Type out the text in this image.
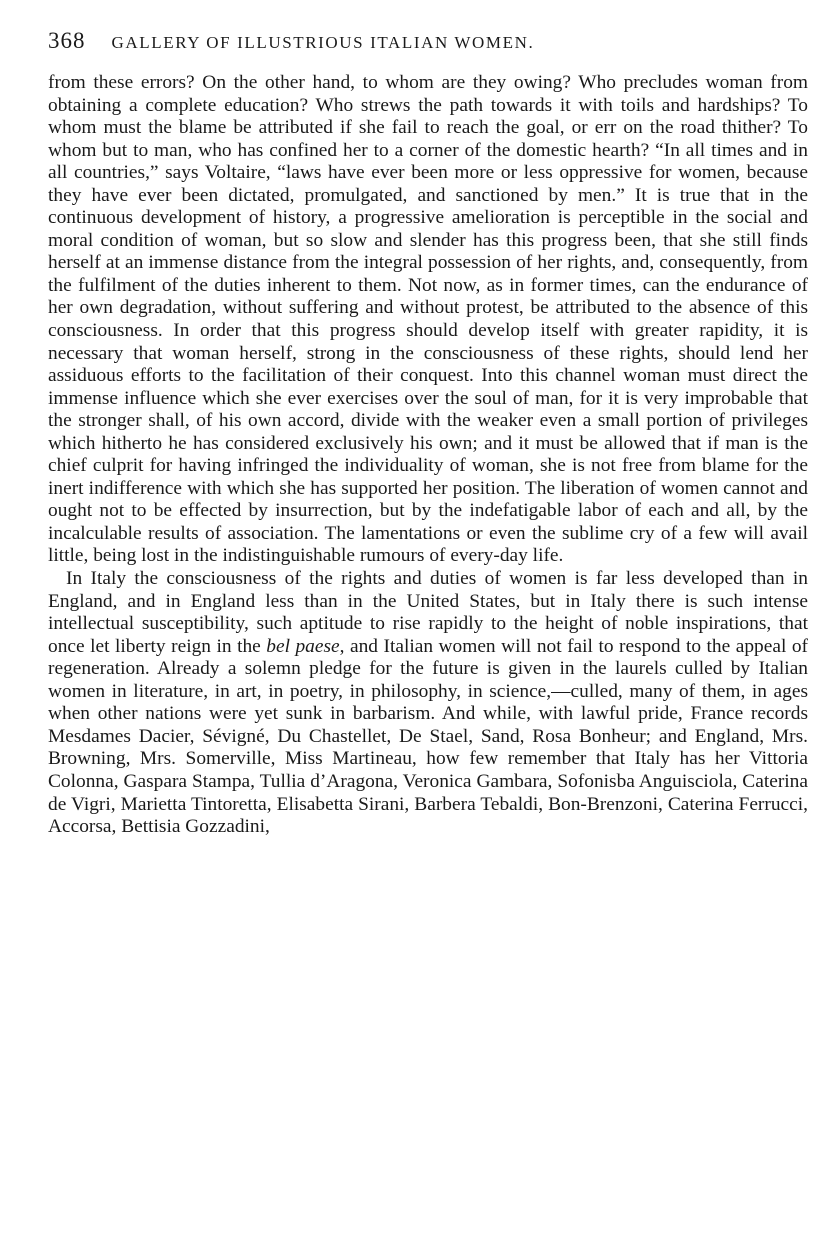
368 GALLERY OF ILLUSTRIOUS ITALIAN WOMEN.

from these errors? On the other hand, to whom are they owing? Who precludes woman from obtaining a complete education? Who strews the path towards it with toils and hardships? To whom must the blame be attributed if she fail to reach the goal, or err on the road thither? To whom but to man, who has confined her to a corner of the domestic hearth? “In all times and in all countries,” says Voltaire, “laws have ever been more or less oppressive for women, because they have ever been dictated, promulgated, and sanctioned by men.” It is true that in the continuous development of history, a progressive amelioration is perceptible in the social and moral condition of woman, but so slow and slender has this progress been, that she still finds herself at an immense distance from the integral possession of her rights, and, consequently, from the fulfilment of the duties inherent to them. Not now, as in former times, can the endurance of her own degradation, without suffering and without protest, be attributed to the absence of this consciousness. In order that this progress should develop itself with greater rapidity, it is necessary that woman herself, strong in the consciousness of these rights, should lend her assiduous efforts to the facilitation of their conquest. Into this channel woman must direct the immense influence which she ever exercises over the soul of man, for it is very improbable that the stronger shall, of his own accord, divide with the weaker even a small portion of privileges which hitherto he has considered exclusively his own; and it must be allowed that if man is the chief culprit for having infringed the individuality of woman, she is not free from blame for the inert indifference with which she has supported her position. The liberation of women cannot and ought not to be effected by insurrection, but by the indefatigable labor of each and all, by the incalculable results of association. The lamentations or even the sublime cry of a few will avail little, being lost in the indistinguishable rumours of every-day life.

In Italy the consciousness of the rights and duties of women is far less developed than in England, and in England less than in the United States, but in Italy there is such intense intellectual susceptibility, such aptitude to rise rapidly to the height of noble inspirations, that once let liberty reign in the bel paese, and Italian women will not fail to respond to the appeal of regeneration. Already a solemn pledge for the future is given in the laurels culled by Italian women in literature, in art, in poetry, in philosophy, in science,—culled, many of them, in ages when other nations were yet sunk in barbarism. And while, with lawful pride, France records Mesdames Dacier, Sévigné, Du Chastellet, De Stael, Sand, Rosa Bonheur; and England, Mrs. Browning, Mrs. Somerville, Miss Martineau, how few remember that Italy has her Vittoria Colonna, Gaspara Stampa, Tullia d’Aragona, Veronica Gambara, Sofonisba Anguisciola, Caterina de Vigri, Marietta Tintoretta, Elisabetta Sirani, Barbera Tebaldi, Bon-Brenzoni, Caterina Ferrucci, Accorsa, Bettisia Gozzadini,
